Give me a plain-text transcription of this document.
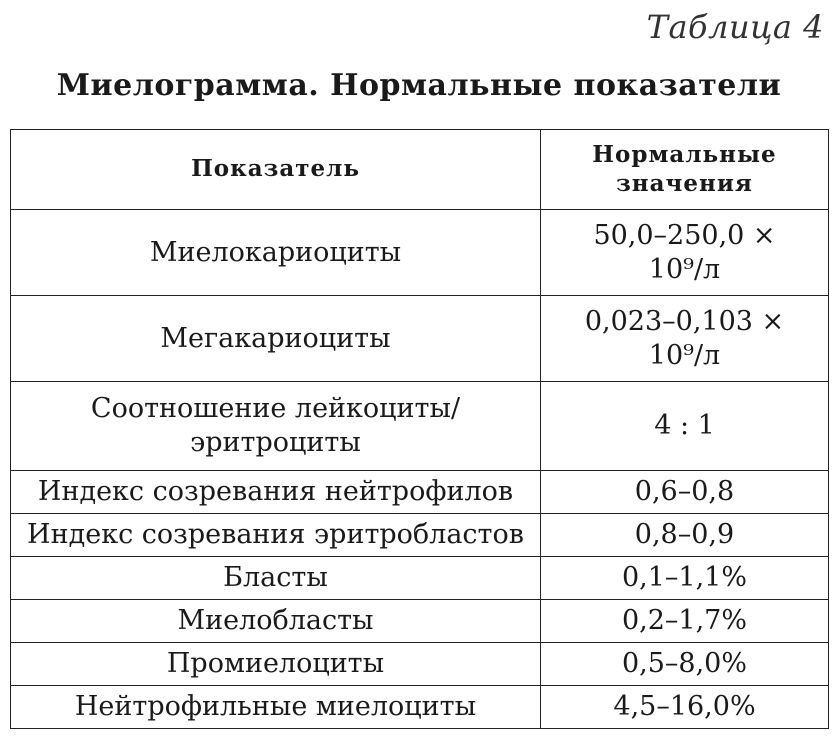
Таблица 4
Миелограмма. Нормальные показатели
Показатель	Нормальные
значения

Миелокариоциты	50,0–250,0 ×
10⁹/л

Мегакариоциты	0,023–0,103 ×
10⁹/л

Соотношение лейкоциты/
эритроциты	4 : 1
Индекс созревания нейтрофилов	0,6–0,8
Индекс созревания эритробластов	0,8–0,9
Бласты	0,1–1,1%
Миелобласты	0,2–1,7%
Промиелоциты	0,5–8,0%
Нейтрофильные миелоциты	4,5–16,0%
